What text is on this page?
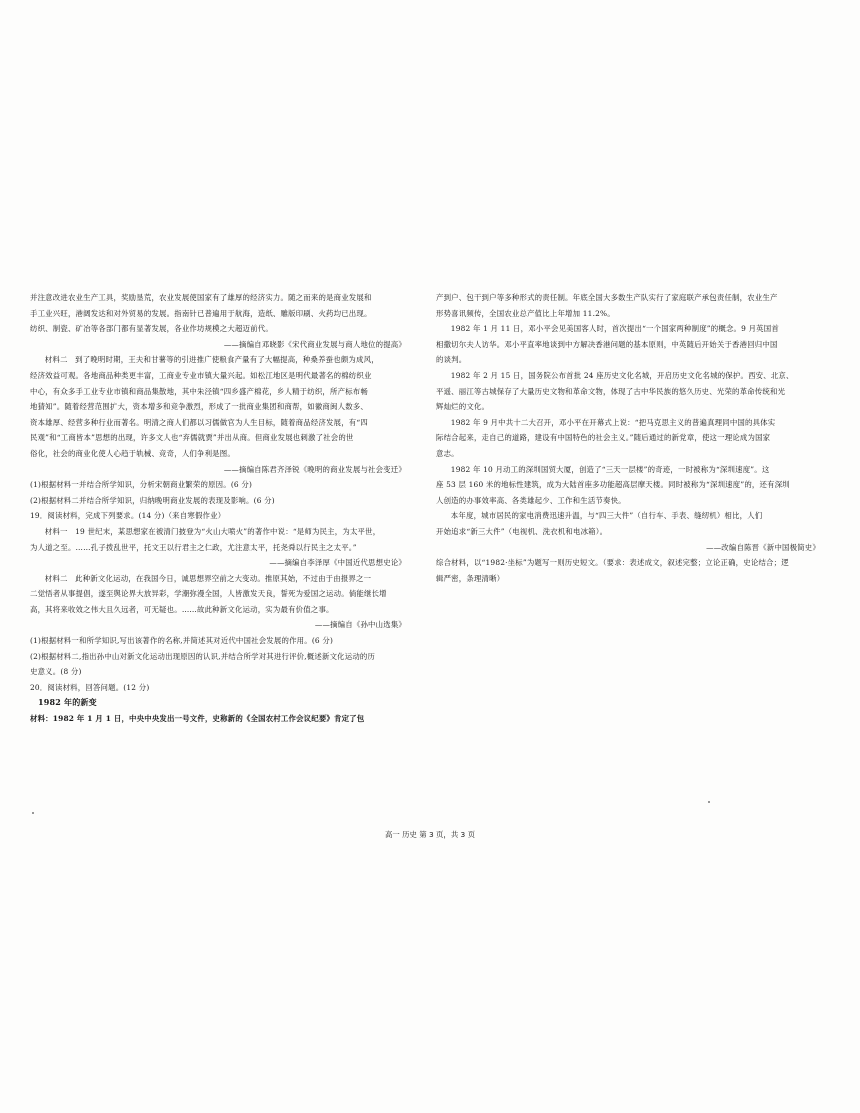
并注意改进农业生产工具，奖励垦荒，农业发展使国家有了雄厚的经济实力。随之而来的是商业发展和

手工业兴旺，港阔发达和对外贸易的发展。指南针已普遍用于航海，造纸、雕版印刷、火药均已出现。

纺织、制瓷、矿冶等各部门都有显著发展，各业作坊规模之大超迈前代。

——摘编自邓晓影《宋代商业发展与商人地位的提高》

材料二　到了晚明时期，王夫和甘薯等的引进推广使粮食产量有了大幅提高，种桑养蚕也颇为成风，

经济效益可观。各地商品种类更丰富，工商业专业市镇大量兴起。如松江地区是明代最著名的棉纺织业

中心，有众多手工业专业市镇和商品集散地，其中朱泾镇“四乡盛产棉花，乡人精于纺织，所产标布畅

地猜知”。随着经营范围扩大，资本增多和竞争激烈，形成了一批商业集团和商帮，如徽商闽人数多、

资本雄厚、经营多种行业而著名。明清之商人们都以习儒做官为人生目标，随着商品经济发展，有“四

民观”和“工商皆本”思想的出现，许多文人也“弃儒就贾”并出从商。但商业发展也刺激了社会的世

俗化，社会的商业化使人心趋于轨械、竞奇，人们争利是图。

——摘编自陈君齐泽锐《晚明的商业发展与社会变迁》

(1)根据材料一并结合所学知识，分析宋朝商业繁荣的原因。(6 分)

(2)根据材料二并结合所学知识，归纳晚明商业发展的表现及影响。(6 分)

19．阅读材料，完成下列要求。(14 分)（来自寒假作业）

材料一　19 世纪末，某思想家在被清门披登为“火山大喷火”的著作中说：“是师为民主，为太平世，

为人道之至。……孔子拨乱世平，托文王以行君主之仁政，尤注意太平，托尧舜以行民主之太平。”

——摘编自李泽厚《中国近代思想史论》

材料二　此种新文化运动，在我国今日，诚思想界空前之大变动。推原其始，不过由于由报界之一

二觉悟者从事提倡，遂至舆论界大放异彩，学潮弥漫全国，人皆激发天良，誓死为爱国之运动。倘能继长增

高，其将来收效之伟大且久远者，可无疑也。……故此种新文化运动，实为最有价值之事。

——摘编自《孙中山选集》

(1)根据材料一和所学知识,写出该著作的名称,并简述其对近代中国社会发展的作用。(6 分)

(2)根据材料二,指出孙中山对新文化运动出现原因的认识,并结合所学对其进行评价,概述新文化运动的历

史意义。(8 分)

20．阅读材料，回答问题。(12 分)

1982 年的新变

材料：1982 年 1 月 1 日，中央中央发出一号文件，史称新的《全国农村工作会议纪要》肯定了包

产到户、包干到户等多种形式的责任制。年底全国大多数生产队实行了家庭联产承包责任制，农业生产

形势喜讯频传，全国农业总产值比上年增加 11.2%。

1982 年 1 月 11 日，邓小平会见美国客人时，首次提出“一个国家两种制度”的概念。9 月英国首

相撒切尔夫人访华。邓小平直率地谈到中方解决香港问题的基本原则，中英随后开始关于香港回归中国

的谈判。

1982 年 2 月 15 日，国务院公布首批 24 座历史文化名城，开启历史文化名城的保护。西安、北京、

平遥、丽江等古城保存了大量历史文物和革命文物，体现了古中华民族的悠久历史、光荣的革命传统和光

辉灿烂的文化。

1982 年 9 月中共十二大召开，邓小平在开幕式上说：“把马克思主义的普遍真理同中国的具体实

际结合起来，走自己的道路，建设有中国特色的社会主义。”随后通过的新党章，使这一理论成为国家

意志。

1982 年 10 月动工的深圳国贸大厦，创造了“三天一层楼”的奇迹，一时被称为“深圳速度”。这

座 53 层 160 米的地标性建筑，成为大陆首座多功能超高层摩天楼。同时被称为“深圳速度”的，还有深圳

人创造的办事效率高、各类雄起少、工作和生活节奏快。

本年度，城市居民的家电消费迅速升温，与“四三大件”（自行车、手表、缝纫机）相比，人们

开始追求“新三大件”（电视机、洗衣机和电冰箱）。

——改编自陈晋《新中国极简史》

综合材料，以“1982·坐标”为题写一则历史短文。（要求：表述成文，叙述完整；立论正确，史论结合；逻

辑严密，条理清晰）

高一 历史 第 3 页，共 3 页
